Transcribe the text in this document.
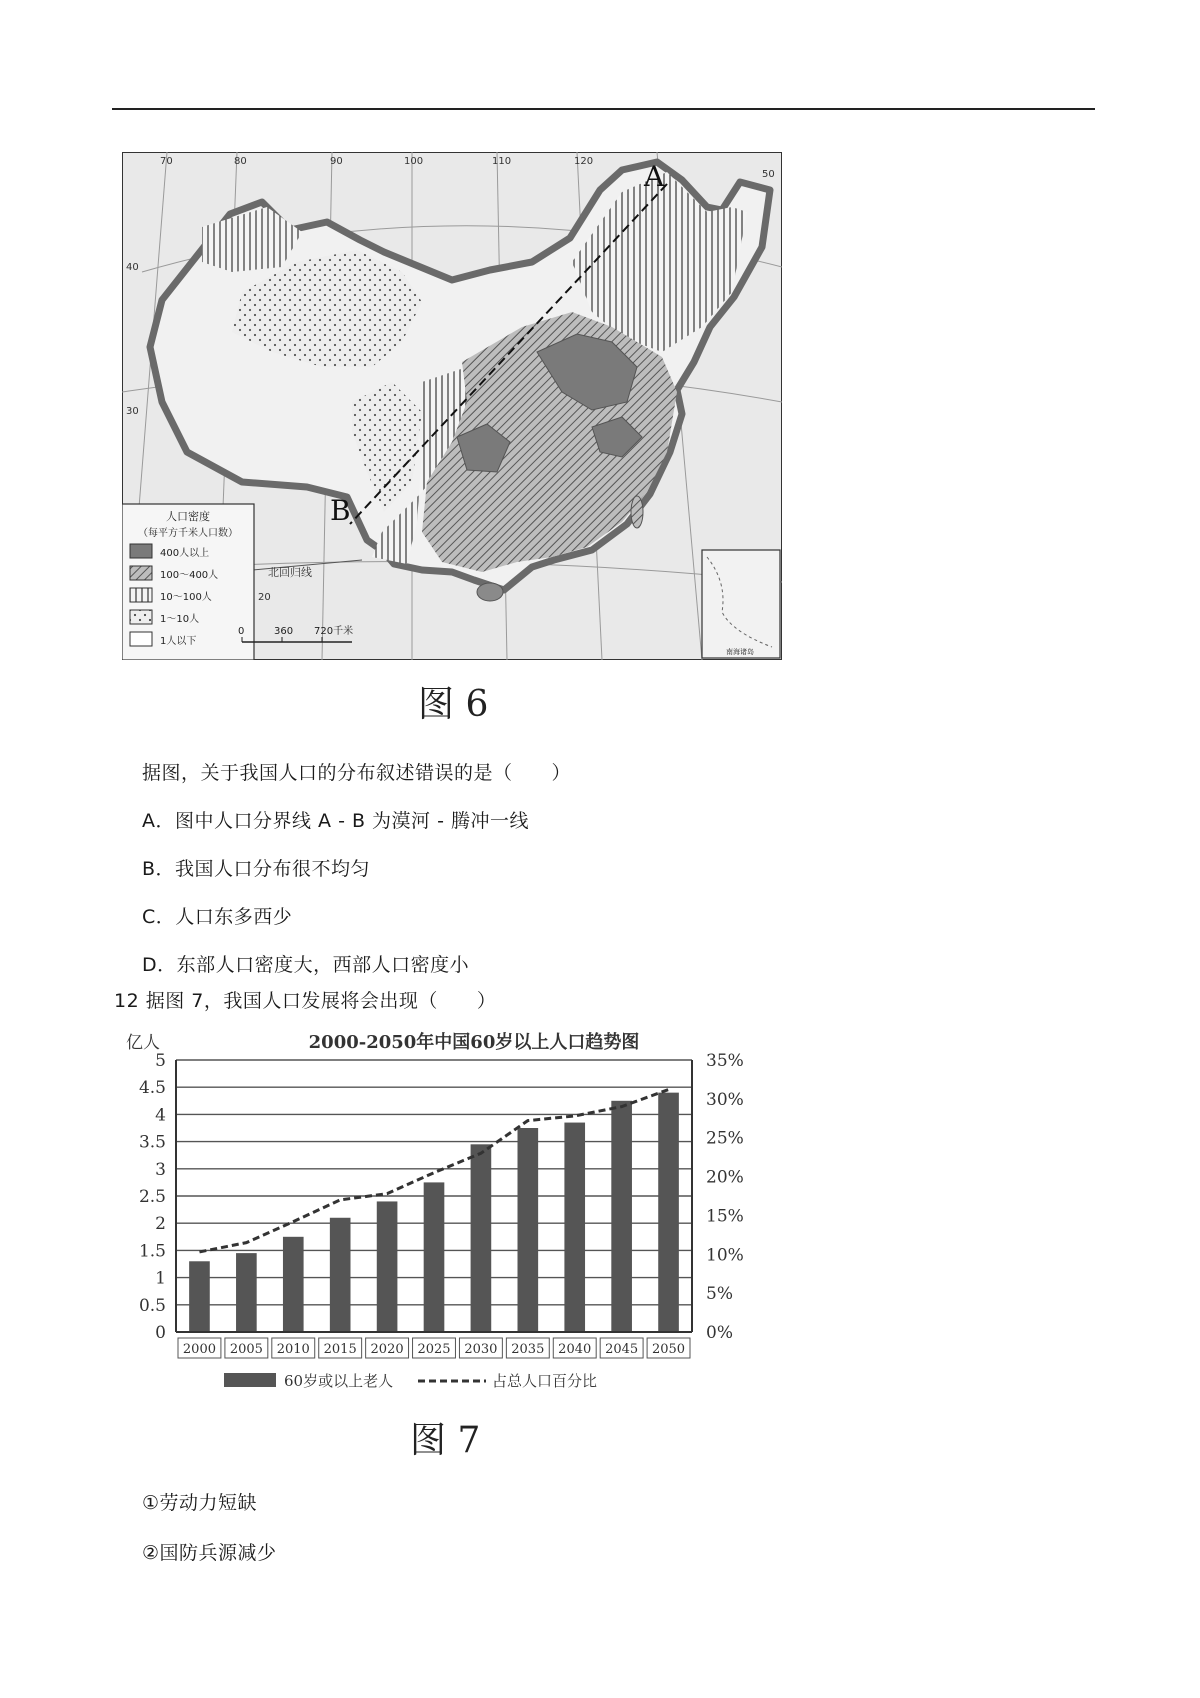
A
B
70	80	90	100	110	120
50
40
30
20
北回归线
人口密度
（每平方千米人口数）
400人以上
100～400人
10～100人
1～10人
1人以下
0	360 720千米
南海诸岛
图 6
据图，关于我国人口的分布叙述错误的是（　　）
A．图中人口分界线 A - B 为漠河 - 腾冲一线
B．我国人口分布很不均匀
C．人口东多西少
D．东部人口密度大，西部人口密度小
12 据图 7，我国人口发展将会出现（　　）
亿人	2000-2050年中国60岁以上人口趋势图
0
0.5
1
1.5
2
2.5
3
3.5
4
4.5
5
0%
5%
10%
15%
20%
25%
30%
35%
2000 2005 2010 2015 2020 2025 2030 2035 2040 2045 2050
60岁或以上老人	占总人口百分比
图 7
①劳动力短缺
②国防兵源减少
